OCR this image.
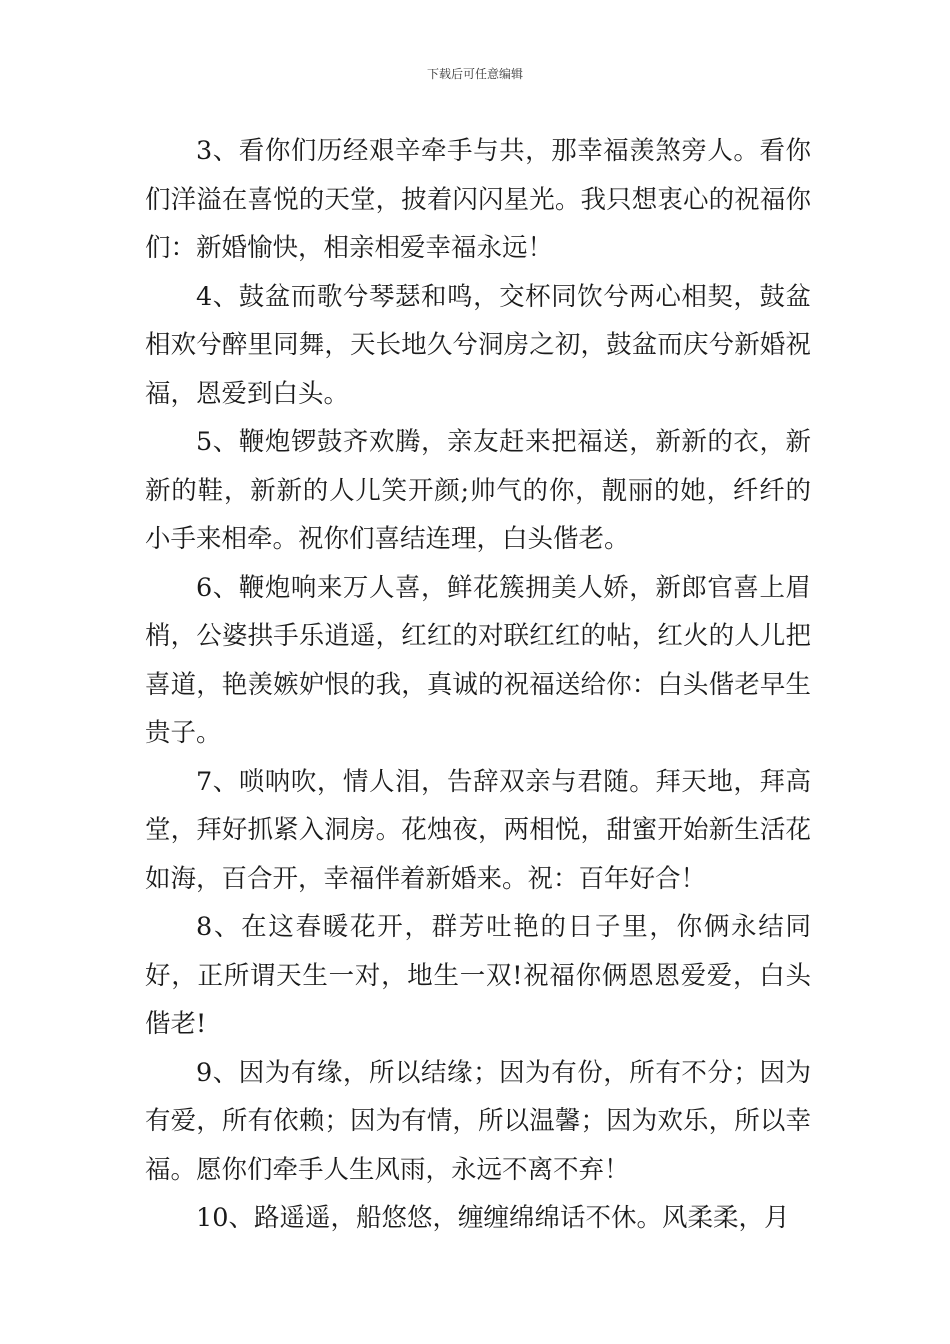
下载后可任意编辑

3、看你们历经艰辛牵手与共，那幸福羡煞旁人。看你们洋溢在喜悦的天堂，披着闪闪星光。我只想衷心的祝福你们：新婚愉快，相亲相爱幸福永远！

4、鼓盆而歌兮琴瑟和鸣，交杯同饮兮两心相契，鼓盆相欢兮醉里同舞，天长地久兮洞房之初，鼓盆而庆兮新婚祝福，恩爱到白头。

5、鞭炮锣鼓齐欢腾，亲友赶来把福送，新新的衣，新新的鞋，新新的人儿笑开颜;帅气的你，靓丽的她，纤纤的小手来相牵。祝你们喜结连理，白头偕老。

6、鞭炮响来万人喜，鲜花簇拥美人娇，新郎官喜上眉梢，公婆拱手乐逍遥，红红的对联红红的帖，红火的人儿把喜道，艳羡嫉妒恨的我，真诚的祝福送给你：白头偕老早生贵子。

7、唢呐吹，情人泪，告辞双亲与君随。拜天地，拜高堂，拜好抓紧入洞房。花烛夜，两相悦，甜蜜开始新生活花如海，百合开，幸福伴着新婚来。祝：百年好合！

8、在这春暖花开，群芳吐艳的日子里，你俩永结同好，正所谓天生一对，地生一双!祝福你俩恩恩爱爱，白头偕老!

9、因为有缘，所以结缘；因为有份，所有不分；因为有爱，所有依赖；因为有情，所以温馨；因为欢乐，所以幸福。愿你们牵手人生风雨，永远不离不弃！

10、路遥遥，船悠悠，缠缠绵绵话不休。风柔柔，月
